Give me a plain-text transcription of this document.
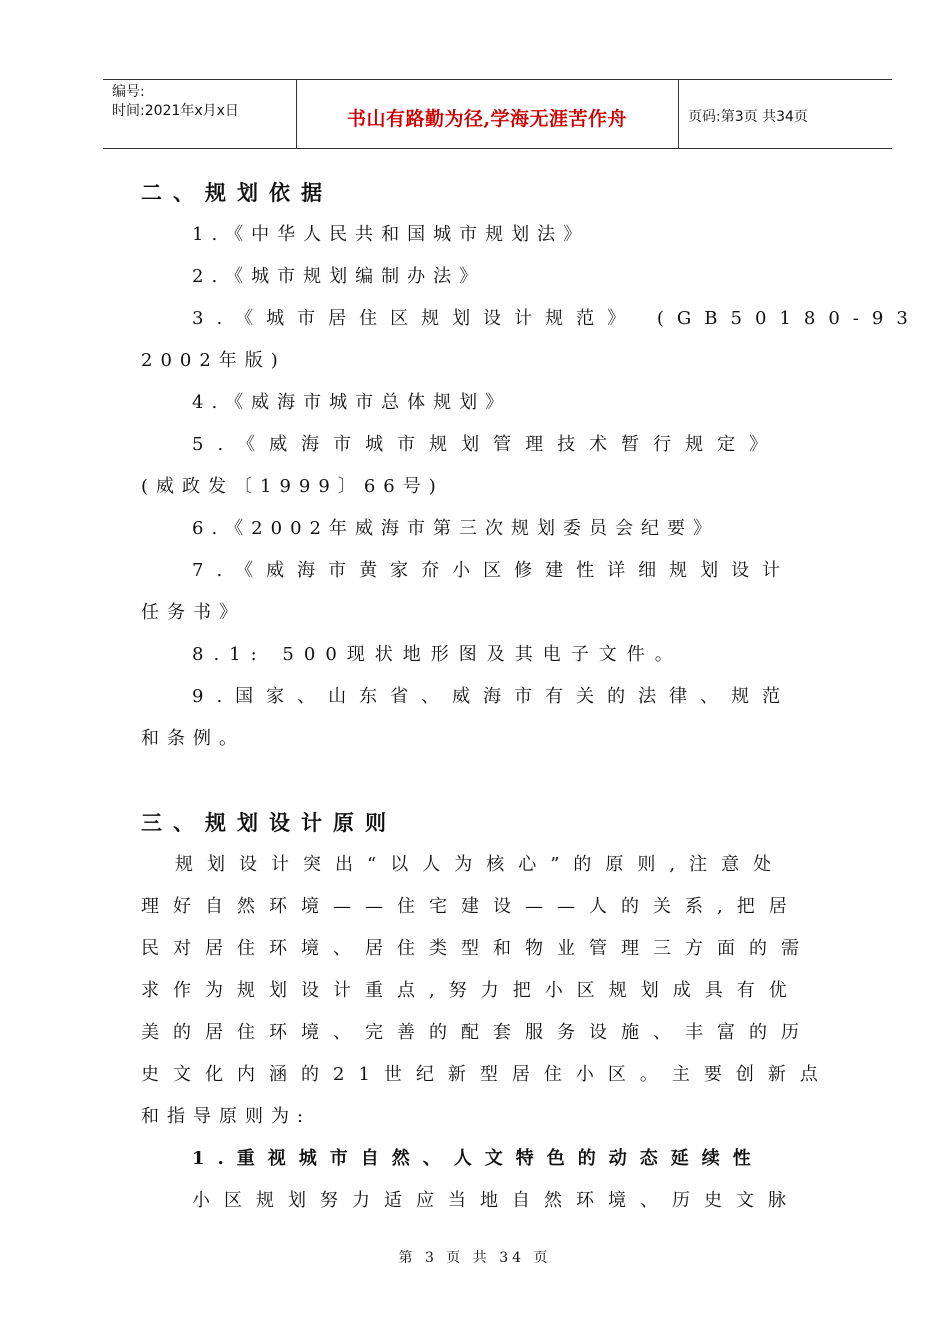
编号:
时间:2021年x月x日	书山有路勤为径,学海无涯苦作舟	页码:第3页 共34页
二、规划依据
1.《中华人民共和国城市规划法》
2.《城市规划编制办法》
3.《城市居住区规划设计规范》 (GB50180-93
2002年版)
4.《威海市城市总体规划》
5.《威海市城市规划管理技术暂行规定》
(威政发〔1999〕66号)
6.《2002年威海市第三次规划委员会纪要》
7.《威海市黄家夼小区修建性详细规划设计
任务书》
8.1: 500现状地形图及其电子文件。
9.国家、山东省、威海市有关的法律、规范
和条例。
三、规划设计原则
规划设计突出“以人为核心”的原则,注意处
理好自然环境——住宅建设——人的关系,把居
民对居住环境、居住类型和物业管理三方面的需
求作为规划设计重点,努力把小区规划成具有优
美的居住环境、完善的配套服务设施、丰富的历
史文化内涵的21世纪新型居住小区。主要创新点
和指导原则为:
1.重视城市自然、人文特色的动态延续性
小区规划努力适应当地自然环境、历史文脉
第 3 页 共 34 页
